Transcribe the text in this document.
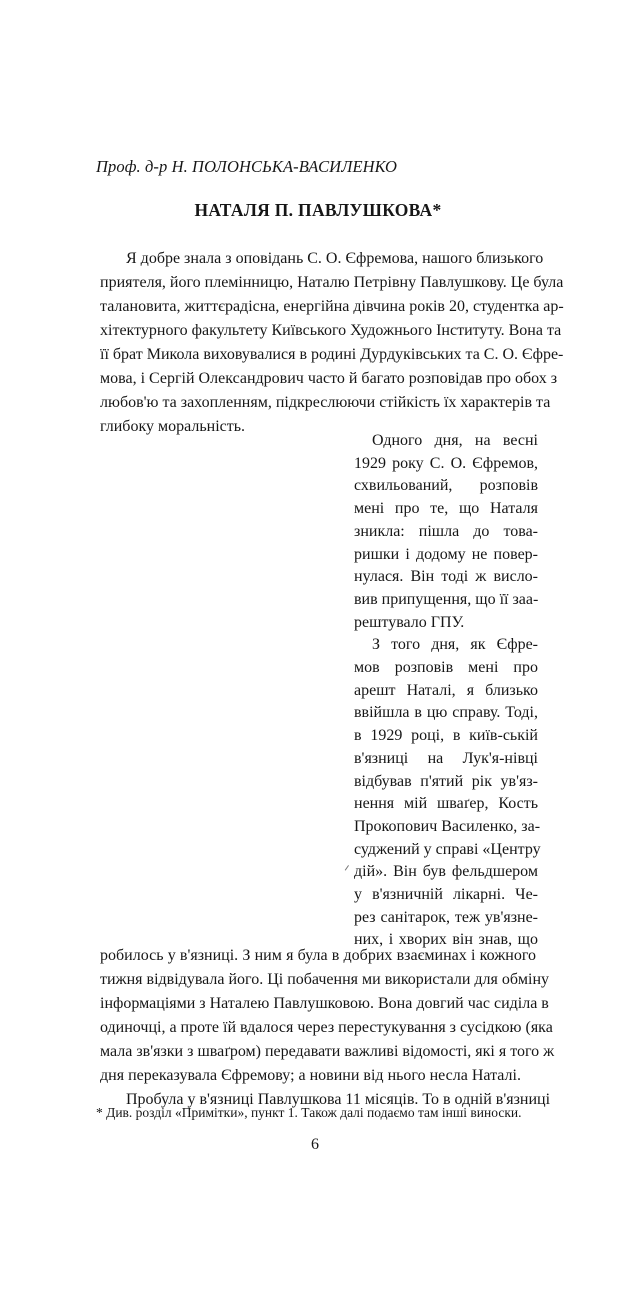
Проф. д-р Н. ПОЛОНСЬКА-ВАСИЛЕНКО
НАТАЛЯ П. ПАВЛУШКОВА*
Я добре знала з оповідань С. О. Єфремова, нашого близького
приятеля, його племінницю, Наталю Петрівну Павлушкову. Це була
талановита, життєрадісна, енергійна дівчина років 20, студентка ар-
хітектурного факультету Київського Художнього Інституту. Вона та
її брат Микола виховувалися в родині Дурдуківських та С. О. Єфре-
мова, і Сергій Олександрович часто й багато розповідав про обох з
любов'ю та захопленням, підкреслюючи стійкість їх характерів та
глибоку моральність.
Одного дня, на весні
1929 року С. О. Єфремов,
схвильований, розповів
мені про те, що Наталя
зникла: пішла до това-
ришки і додому не повер-
нулася. Він тоді ж вислo-
вив припущення, що її заa-
рештувало ГПУ.
З того дня, як Єфре-
мов розповів мені про
арешт Наталі, я близько
ввійшла в цю справу. Тоді,
в 1929 році, в київ-ській
в'язниці на Лук'я-нівці
відбував п'ятий рік ув'яз-
нення мій шваґер, Кость
Прокопович Василенко, за-
суджений у справі «Центру
дій». Він був фельдшером
у в'язничній лікарні. Че-
рез санітарок, теж ув'язне-
них, і хворих він знав, що
робилось у в'язниці. З ним я була в добрих взаєминах і кожного
тижня відвідувала його. Ці побачення ми використали для обміну
інформаціями з Наталею Павлушковою. Вона довгий час сиділа в
одиночці, а проте їй вдалося через перестукування з сусідкою (яка
мала зв'язки з шваґром) передавати важливі відомості, які я того ж
дня переказувала Єфремову; а новини від нього несла Наталі.
Пробула у в'язниці Павлушкова 11 місяців. То в одній в'язниці
* Див. розділ «Примітки», пункт 1. Також далі подаємо там інші виноски.
6
